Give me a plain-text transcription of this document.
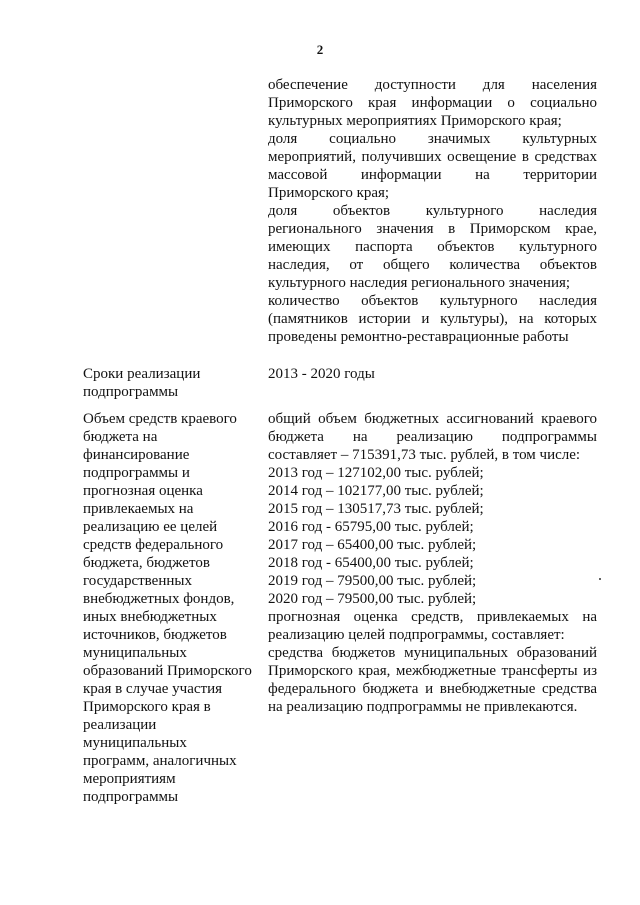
2
обеспечение доступности для населения
Приморского края информации о социально
культурных мероприятиях Приморского края;
доля социально значимых культурных
мероприятий, получивших освещение в средствах
массовой информации на территории
Приморского края;
доля объектов культурного наследия
регионального значения в Приморском крае,
имеющих паспорта объектов культурного
наследия, от общего количества объектов
культурного наследия регионального значения;
количество объектов культурного наследия
(памятников истории и культуры), на которых
проведены ремонтно-реставрационные работы
Сроки реализации
подпрограммы
2013 - 2020 годы
Объем средств краевого
бюджета на
финансирование
подпрограммы и
прогнозная оценка
привлекаемых на
реализацию ее целей
средств федерального
бюджета, бюджетов
государственных
внебюджетных фондов,
иных внебюджетных
источников, бюджетов
муниципальных
образований Приморского
края в случае участия
Приморского края в
реализации
муниципальных
программ, аналогичных
мероприятиям
подпрограммы
общий объем бюджетных ассигнований краевого
бюджета на реализацию подпрограммы
составляет – 715391,73 тыс. рублей, в том числе:
2013 год – 127102,00 тыс. рублей;
2014 год – 102177,00 тыс. рублей;
2015 год – 130517,73 тыс. рублей;
2016 год - 65795,00 тыс. рублей;
2017 год – 65400,00 тыс. рублей;
2018 год - 65400,00 тыс. рублей;
2019 год – 79500,00 тыс. рублей;
2020 год – 79500,00 тыс. рублей;
прогнозная оценка средств, привлекаемых на
реализацию целей подпрограммы, составляет:
средства бюджетов муниципальных образований
Приморского края, межбюджетные трансферты из
федерального бюджета и внебюджетные средства
на реализацию подпрограммы не привлекаются.
